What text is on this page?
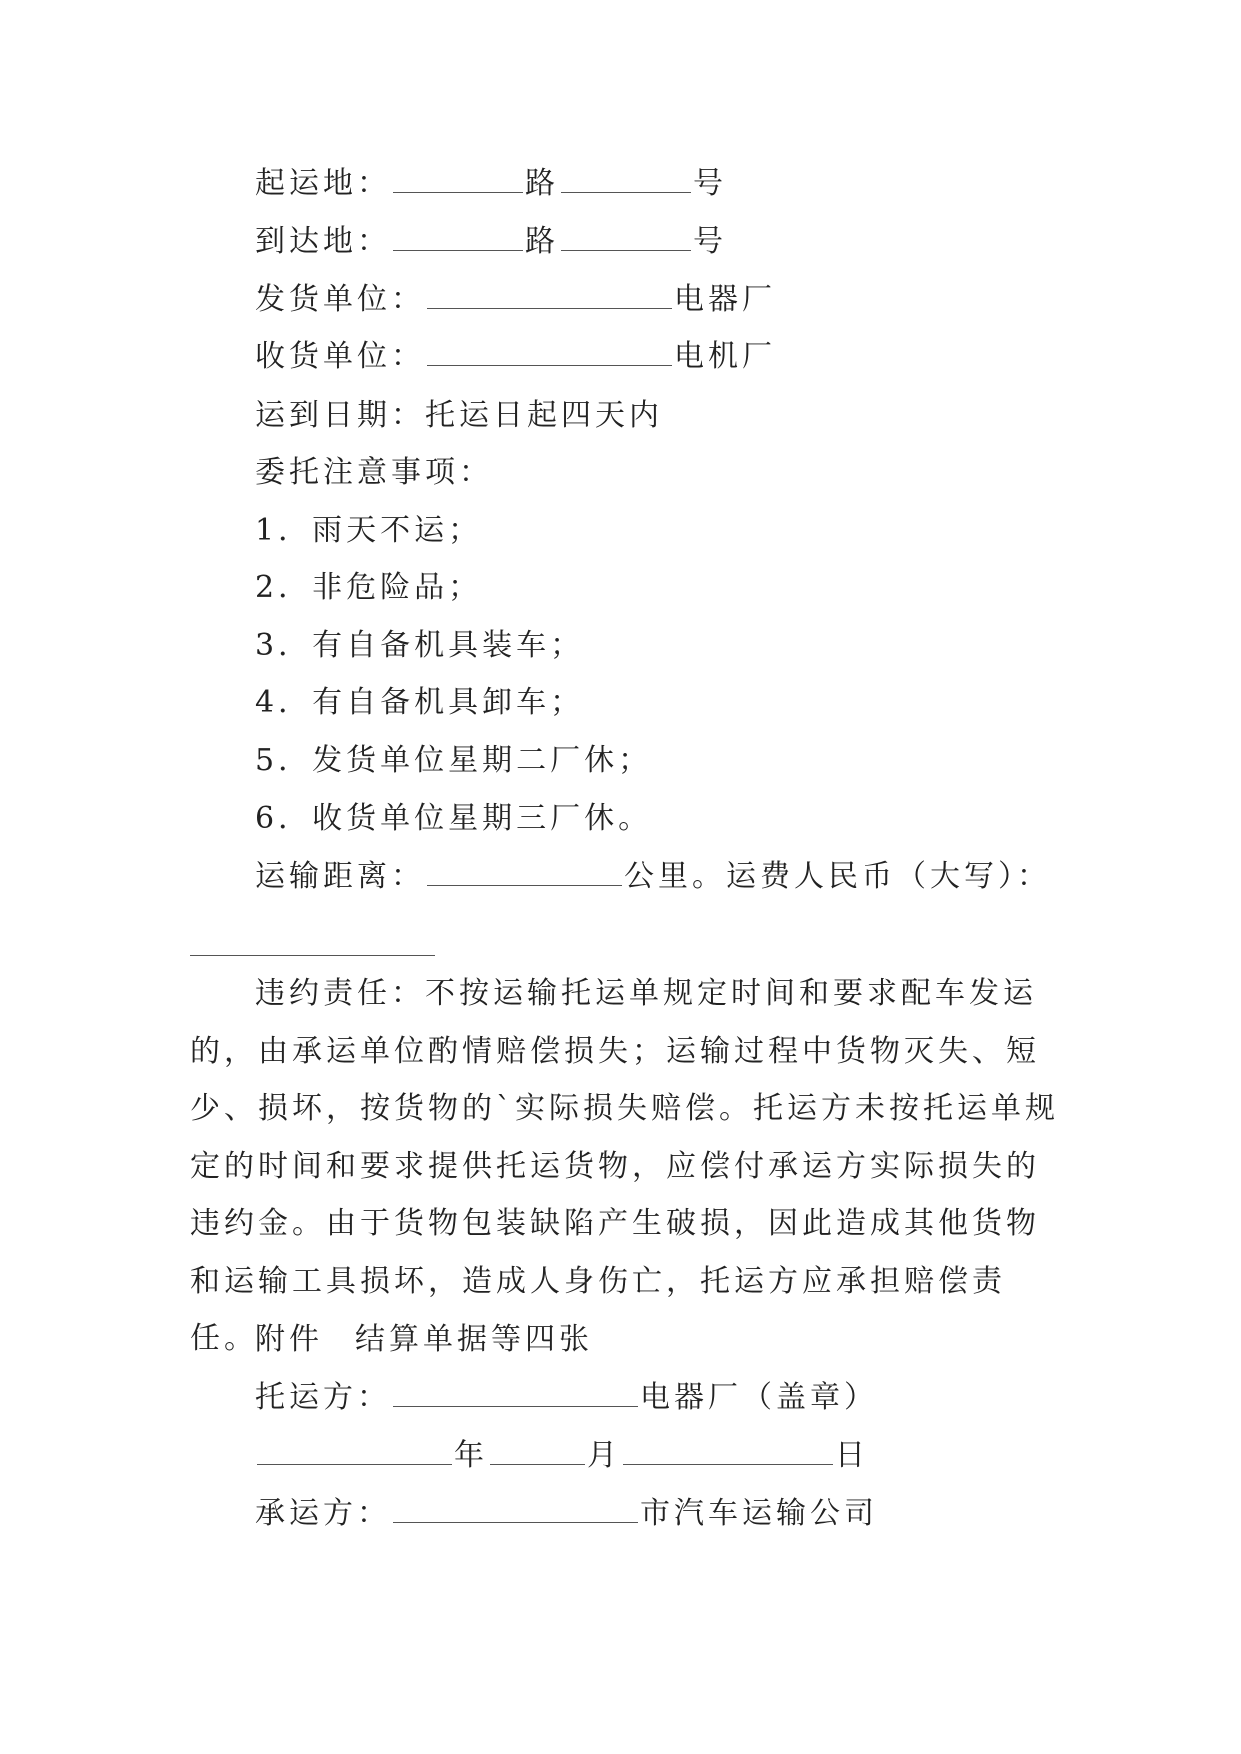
起运地：	路	号
到达地：	路	号
发货单位：	电器厂
收货单位：	电机厂
运到日期：托运日起四天内
委托注意事项：
1．雨天不运；
2．非危险品；
3．有自备机具装车；
4．有自备机具卸车；
5．发货单位星期二厂休；
6．收货单位星期三厂休。
运输距离：	公里。运费人民币（大写）：
违约责任：不按运输托运单规定时间和要求配车发运的，由承运单位酌情赔偿损失；运输过程中货物灭失、短少、损坏，按货物的`实际损失赔偿。托运方未按托运单规定的时间和要求提供托运货物，应偿付承运方实际损失的违约金。由于货物包装缺陷产生破损，因此造成其他货物和运输工具损坏，造成人身伤亡，托运方应承担赔偿责任。
附件 结算单据等四张
托运方：	电器厂（盖章）
年	月	日
承运方：	市汽车运输公司
